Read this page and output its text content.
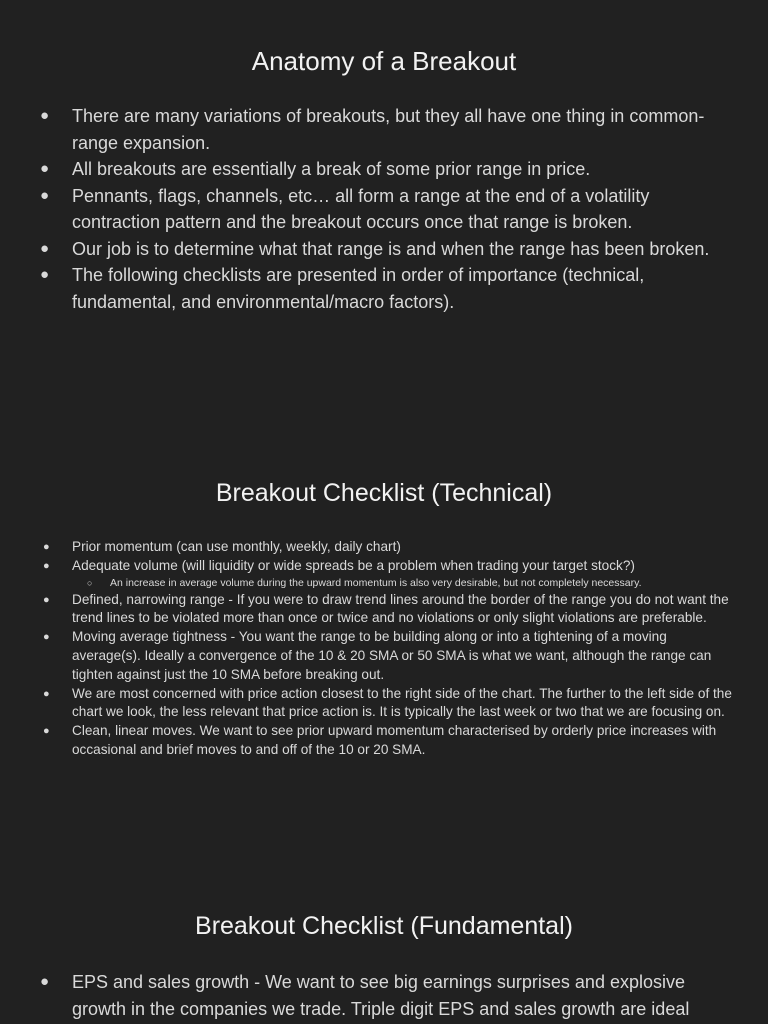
Anatomy of a Breakout
● There are many variations of breakouts, but they all have one thing in common-range expansion.
● All breakouts are essentially a break of some prior range in price.
● Pennants, flags, channels, etc… all form a range at the end of a volatility contraction pattern and the breakout occurs once that range is broken.
● Our job is to determine what that range is and when the range has been broken.
● The following checklists are presented in order of importance (technical, fundamental, and environmental/macro factors).
Breakout Checklist (Technical)
● Prior momentum (can use monthly, weekly, daily chart)
● Adequate volume (will liquidity or wide spreads be a problem when trading your target stock?)
○ An increase in average volume during the upward momentum is also very desirable, but not completely necessary.
● Defined, narrowing range - If you were to draw trend lines around the border of the range you do not want the trend lines to be violated more than once or twice and no violations or only slight violations are preferable.
● Moving average tightness - You want the range to be building along or into a tightening of a moving average(s). Ideally a convergence of the 10 & 20 SMA or 50 SMA is what we want, although the range can tighten against just the 10 SMA before breaking out.
● We are most concerned with price action closest to the right side of the chart. The further to the left side of the chart we look, the less relevant that price action is. It is typically the last week or two that we are focusing on.
● Clean, linear moves. We want to see prior upward momentum characterised by orderly price increases with occasional and brief moves to and off of the 10 or 20 SMA.
Breakout Checklist (Fundamental)
● EPS and sales growth - We want to see big earnings surprises and explosive growth in the companies we trade. Triple digit EPS and sales growth are ideal
